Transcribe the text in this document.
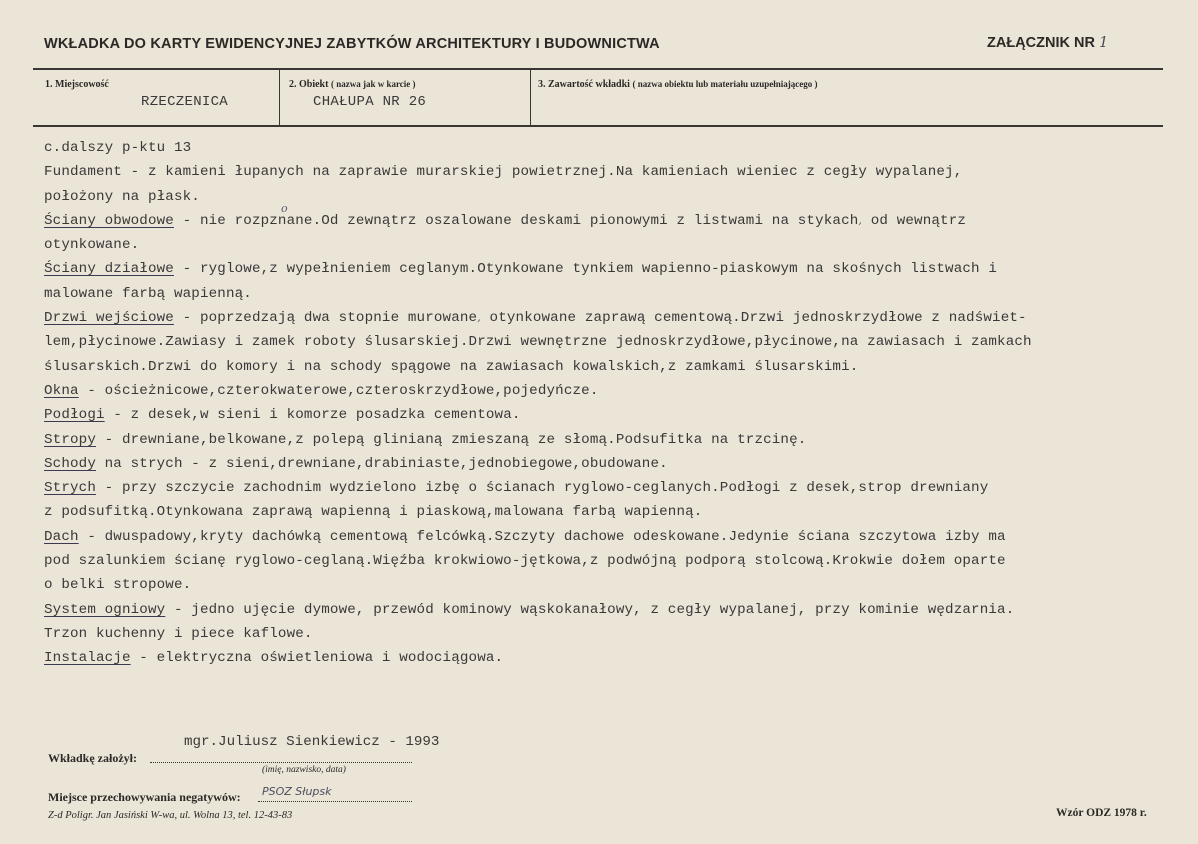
WKŁADKA DO KARTY EWIDENCYJNEJ ZABYTKÓW ARCHITEKTURY I BUDOWNICTWA	ZAŁĄCZNIK NR 1
1. Miejscowość
RZECZENICA
2. Obiekt ( nazwa jak w karcie )
CHAŁUPA NR 26
3. Zawartość wkładki ( nazwa obiektu lub materiału uzupełniającego )
c.dalszy p-ktu 13
Fundament - z kamieni łupanych na zaprawie murarskiej powietrznej.Na kamieniach wieniec z cegły wypalanej,
położony na płask.
Ściany obwodowe - nie rozpznane.Od zewnątrz oszalowane deskami pionowymi z listwami na stykach, od wewnątrz
o
otynkowane.
Ściany działowe - ryglowe,z wypełnieniem ceglanym.Otynkowane tynkiem wapienno-piaskowym na skośnych listwach i
malowane farbą wapienną.
Drzwi wejściowe - poprzedzają dwa stopnie murowane, otynkowane zaprawą cementową.Drzwi jednoskrzydłowe z nadświet-
lem,płycinowe.Zawiasy i zamek roboty ślusarskiej.Drzwi wewnętrzne jednoskrzydłowe,płycinowe,na zawiasach i zamkach
ślusarskich.Drzwi do komory i na schody spągowe na zawiasach kowalskich,z zamkami ślusarskimi.
Okna - ościeżnicowe,czterokwaterowe,czteroskrzydłowe,pojedyńcze.
Podłogi - z desek,w sieni i komorze posadzka cementowa.
Stropy - drewniane,belkowane,z polepą glinianą zmieszaną ze słomą.Podsufitka na trzcinę.
Schody na strych - z sieni,drewniane,drabiniaste,jednobiegowe,obudowane.
Strych - przy szczycie zachodnim wydzielono izbę o ścianach ryglowo-ceglanych.Podłogi z desek,strop drewniany
z podsufitką.Otynkowana zaprawą wapienną i piaskową,malowana farbą wapienną.
Dach - dwuspadowy,kryty dachówką cementową felcówką.Szczyty dachowe odeskowane.Jedynie ściana szczytowa izby ma
pod szalunkiem ścianę ryglowo-ceglaną.Więźba krokwiowo-jętkowa,z podwójną podporą stolcową.Krokwie dołem oparte
o belki stropowe.
System ogniowy - jedno ujęcie dymowe, przewód kominowy wąskokanałowy, z cegły wypalanej, przy kominie wędzarnia.
Trzon kuchenny i piece kaflowe.
Instalacje - elektryczna oświetleniowa i wodociągowa.
Wkładkę założył:
mgr.Juliusz Sienkiewicz - 1993
(imię, nazwisko, data)
Miejsce przechowywania negatywów: PSOZ Słupsk
Z-d Poligr. Jan Jasiński W-wa, ul. Wolna 13, tel. 12-43-83	Wzór ODZ 1978 r.
